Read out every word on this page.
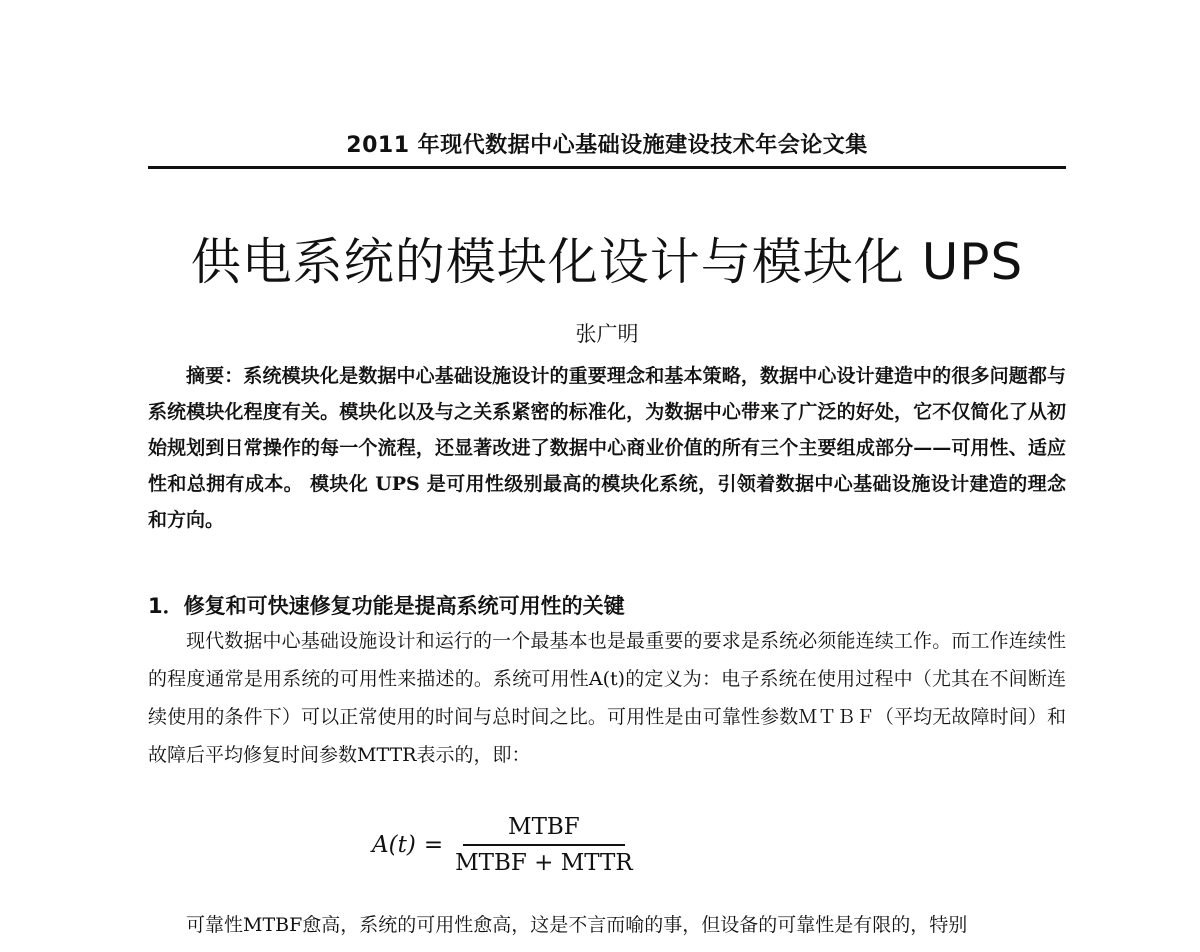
2011 年现代数据中心基础设施建设技术年会论文集
供电系统的模块化设计与模块化 UPS
张广明
摘要：系统模块化是数据中心基础设施设计的重要理念和基本策略，数据中心设计建造中的很多问题都与系统模块化程度有关。模块化以及与之关系紧密的标准化，为数据中心带来了广泛的好处，它不仅简化了从初始规划到日常操作的每一个流程，还显著改进了数据中心商业价值的所有三个主要组成部分——可用性、适应性和总拥有成本。 模块化 UPS 是可用性级别最高的模块化系统，引领着数据中心基础设施设计建造的理念和方向。
1．修复和可快速修复功能是提高系统可用性的关键
现代数据中心基础设施设计和运行的一个最基本也是最重要的要求是系统必须能连续工作。而工作连续性的程度通常是用系统的可用性来描述的。系统可用性A(t)的定义为：电子系统在使用过程中（尤其在不间断连续使用的条件下）可以正常使用的时间与总时间之比。可用性是由可靠性参数ＭＴＢＦ（平均无故障时间）和故障后平均修复时间参数MTTR表示的，即：
$A(t) = \frac{\text{MTBF}}{\text{MTBF + MTTR}}$
可靠性MTBF愈高，系统的可用性愈高，这是不言而喻的事，但设备的可靠性是有限的，特别
